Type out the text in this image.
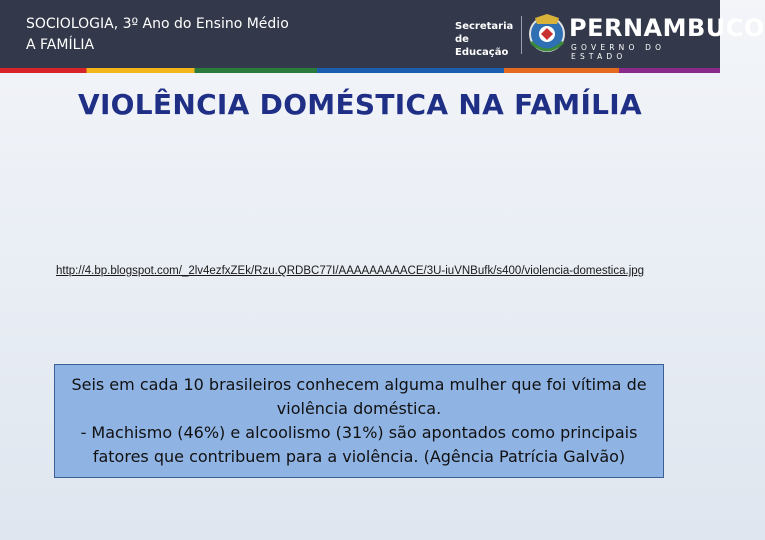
SOCIOLOGIA, 3º Ano do Ensino Médio
A FAMÍLIA
Secretaria de Educação
PERNAMBUCO
GOVERNO DO ESTADO
VIOLÊNCIA DOMÉSTICA NA FAMÍLIA
http://4.bp.blogspot.com/_2lv4ezfxZEk/Rzu.QRDBC77I/AAAAAAAAACE/3U-iuVNBufk/s400/violencia-domestica.jpg
Seis em cada 10 brasileiros conhecem alguma mulher que foi vítima de
violência doméstica.
- Machismo (46%) e alcoolismo (31%) são apontados como principais
fatores que contribuem para a violência. (Agência Patrícia Galvão)
